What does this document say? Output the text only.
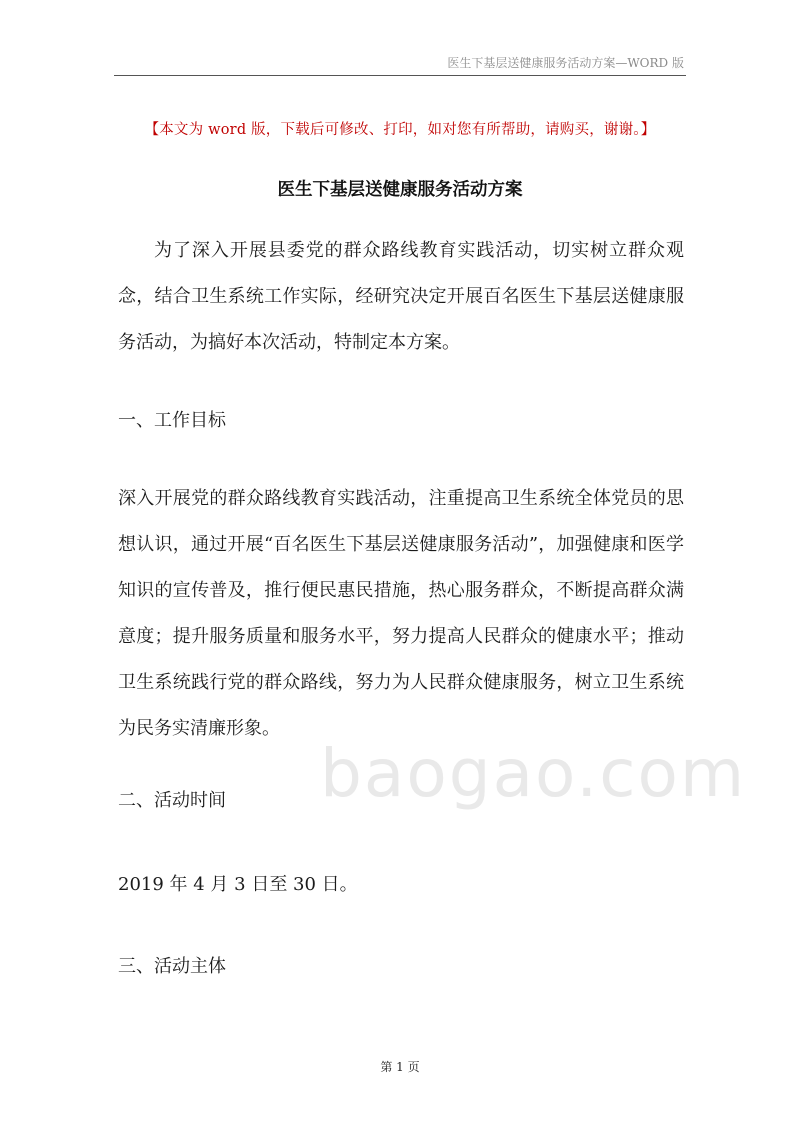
医生下基层送健康服务活动方案—WORD 版
【本文为 word 版，下载后可修改、打印，如对您有所帮助，请购买，谢谢。】
医生下基层送健康服务活动方案

为了深入开展县委党的群众路线教育实践活动，切实树立群众观念，结合卫生系统工作实际，经研究决定开展百名医生下基层送健康服务活动，为搞好本次活动，特制定本方案。

一、工作目标

深入开展党的群众路线教育实践活动，注重提高卫生系统全体党员的思想认识，通过开展“百名医生下基层送健康服务活动”，加强健康和医学知识的宣传普及，推行便民惠民措施，热心服务群众，不断提高群众满意度；提升服务质量和服务水平，努力提高人民群众的健康水平；推动卫生系统践行党的群众路线，努力为人民群众健康服务，树立卫生系统为民务实清廉形象。

baogao.com

二、活动时间

2019 年 4 月 3 日至 30 日。

三、活动主体

第 1 页
